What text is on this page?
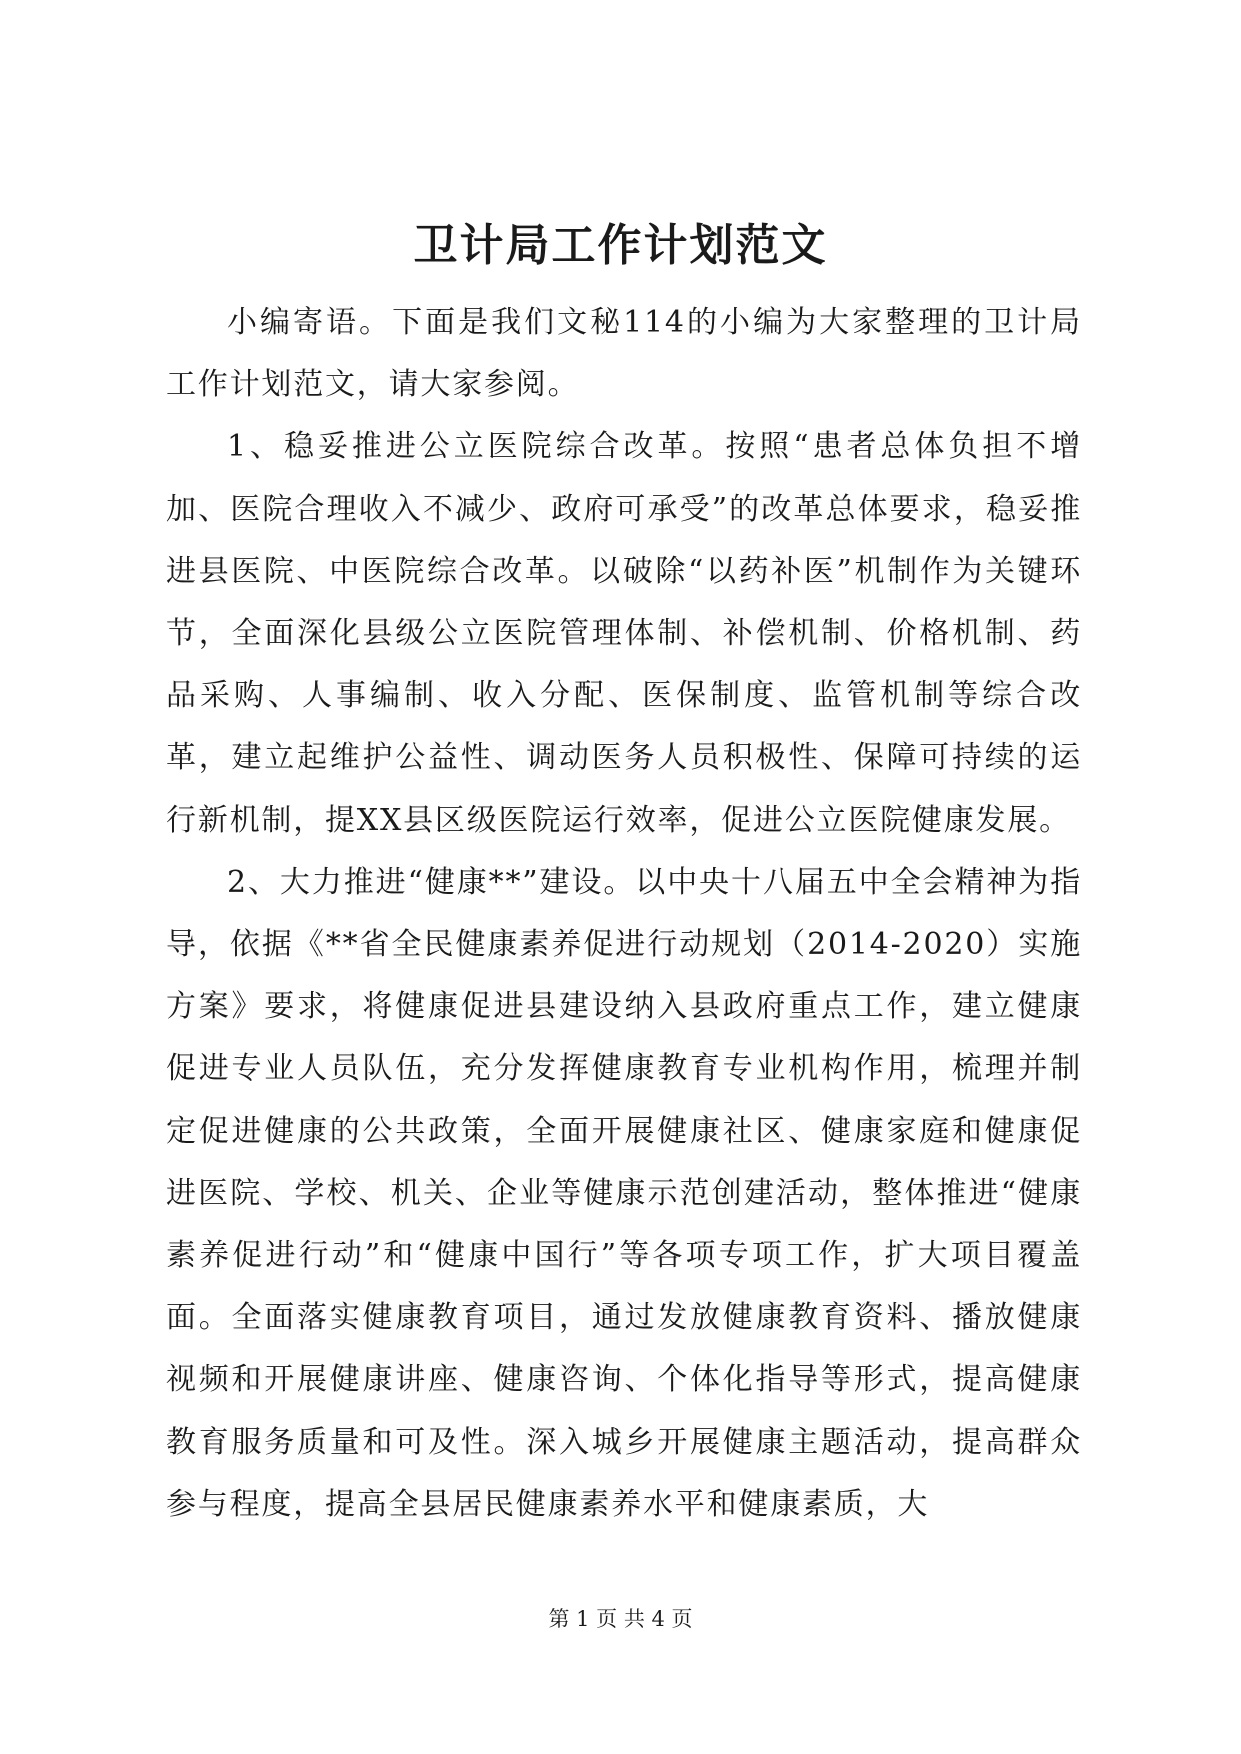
卫计局工作计划范文

小编寄语。下面是我们文秘114的小编为大家整理的卫计局工作计划范文，请大家参阅。

1、稳妥推进公立医院综合改革。按照“患者总体负担不增加、医院合理收入不减少、政府可承受”的改革总体要求，稳妥推进县医院、中医院综合改革。以破除“以药补医”机制作为关键环节，全面深化县级公立医院管理体制、补偿机制、价格机制、药品采购、人事编制、收入分配、医保制度、监管机制等综合改革，建立起维护公益性、调动医务人员积极性、保障可持续的运行新机制，提XX县区级医院运行效率，促进公立医院健康发展。

2、大力推进“健康**”建设。以中央十八届五中全会精神为指导，依据《**省全民健康素养促进行动规划（2014-2020）实施方案》要求，将健康促进县建设纳入县政府重点工作，建立健康促进专业人员队伍，充分发挥健康教育专业机构作用，梳理并制定促进健康的公共政策，全面开展健康社区、健康家庭和健康促进医院、学校、机关、企业等健康示范创建活动，整体推进“健康素养促进行动”和“健康中国行”等各项专项工作，扩大项目覆盖面。全面落实健康教育项目，通过发放健康教育资料、播放健康视频和开展健康讲座、健康咨询、个体化指导等形式，提高健康教育服务质量和可及性。深入城乡开展健康主题活动，提高群众参与程度，提高全县居民健康素养水平和健康素质，大

第 1 页 共 4 页
